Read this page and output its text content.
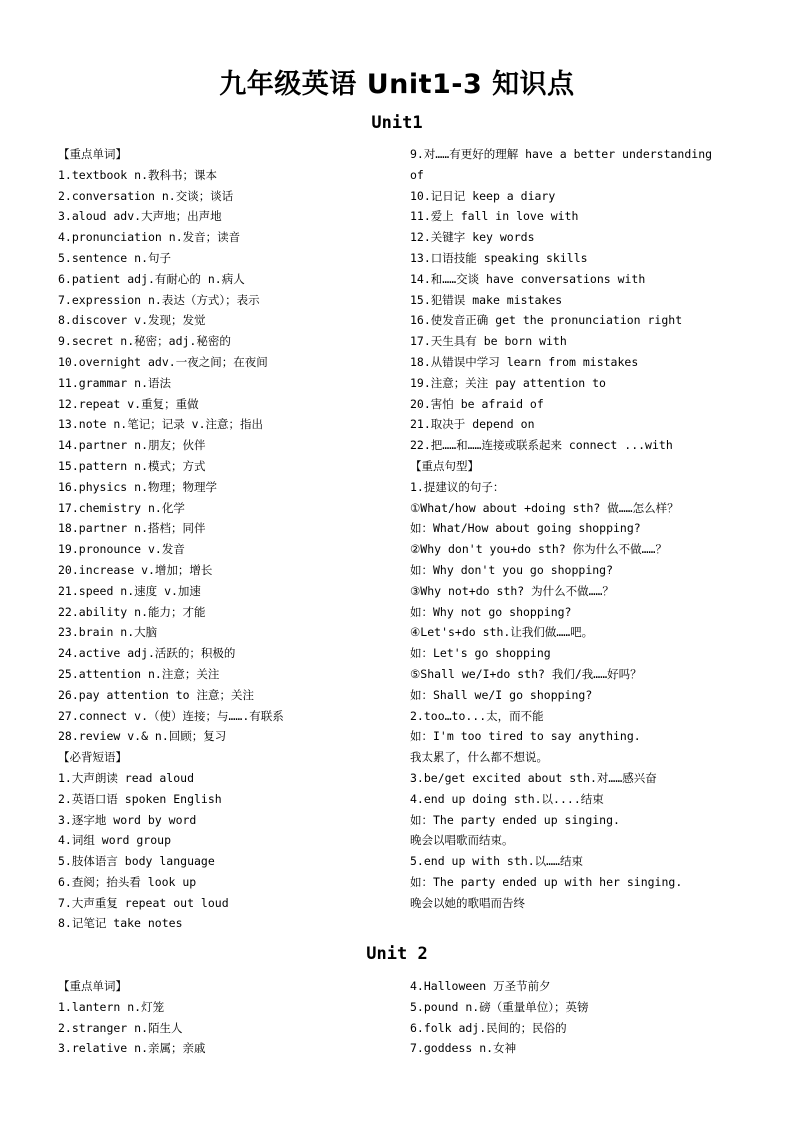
九年级英语 Unit1-3 知识点
Unit1
【重点单词】
1.textbook n.教科书；课本
2.conversation n.交谈；谈话
3.aloud adv.大声地；出声地
4.pronunciation n.发音；读音
5.sentence n.句子
6.patient adj.有耐心的 n.病人
7.expression n.表达（方式）；表示
8.discover v.发现；发觉
9.secret n.秘密；adj.秘密的
10.overnight adv.一夜之间；在夜间
11.grammar n.语法
12.repeat v.重复；重做
13.note n.笔记；记录 v.注意；指出
14.partner n.朋友；伙伴
15.pattern n.模式；方式
16.physics n.物理；物理学
17.chemistry n.化学
18.partner n.搭档；同伴
19.pronounce v.发音
20.increase v.增加；增长
21.speed n.速度 v.加速
22.ability n.能力；才能
23.brain n.大脑
24.active adj.活跃的；积极的
25.attention n.注意；关注
26.pay attention to 注意；关注
27.connect v.（使）连接；与…….有联系
28.review v.& n.回顾；复习
【必背短语】
1.大声朗读 read aloud
2.英语口语 spoken English
3.逐字地 word by word
4.词组 word group
5.肢体语言 body language
6.查阅；抬头看 look up
7.大声重复 repeat out loud
8.记笔记 take notes
9.对……有更好的理解 have a better understanding
of
10.记日记 keep a diary
11.爱上 fall in love with
12.关键字 key words
13.口语技能 speaking skills
14.和……交谈 have conversations with
15.犯错误 make mistakes
16.使发音正确 get the pronunciation right
17.天生具有 be born with
18.从错误中学习 learn from mistakes
19.注意；关注 pay attention to
20.害怕 be afraid of
21.取决于 depend on
22.把……和……连接或联系起来 connect ...with
【重点句型】
1.提建议的句子：
①What/how about +doing sth? 做……怎么样？
如：What/How about going shopping?
②Why don't you+do sth? 你为什么不做……？
如：Why don't you go shopping?
③Why not+do sth? 为什么不做……？
如：Why not go shopping?
④Let's+do sth.让我们做……吧。
如：Let's go shopping
⑤Shall we/I+do sth? 我们/我……好吗？
如：Shall we/I go shopping?
2.too…to...太，而不能
如：I'm too tired to say anything.
我太累了，什么都不想说。
3.be/get excited about sth.对……感兴奋
4.end up doing sth.以....结束
如：The party ended up singing.
晚会以唱歌而结束。
5.end up with sth.以……结束
如：The party ended up with her singing.
晚会以她的歌唱而告终
Unit 2
【重点单词】
1.lantern n.灯笼
2.stranger n.陌生人
3.relative n.亲属；亲戚
4.Halloween 万圣节前夕
5.pound n.磅（重量单位）；英镑
6.folk adj.民间的；民俗的
7.goddess n.女神
